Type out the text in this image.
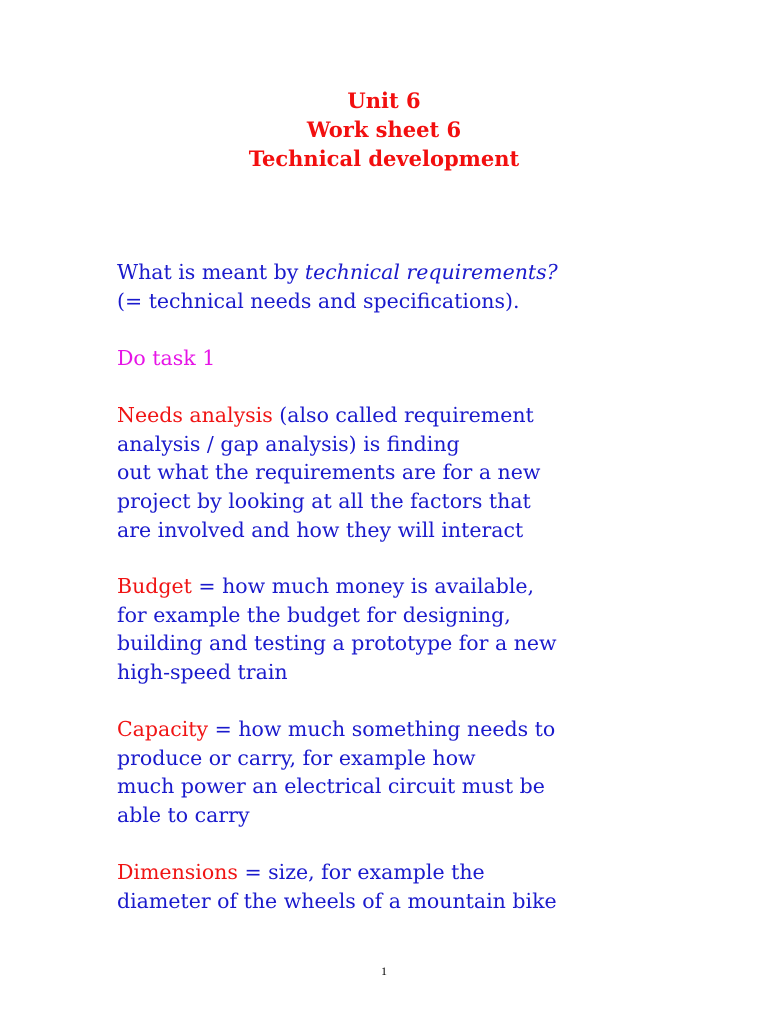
Unit 6
Work sheet 6
Technical development
What is meant by technical requirements?
(= technical needs and specifications).
Do task 1
Needs analysis (also called requirement
analysis / gap analysis) is finding
out what the requirements are for a new
project by looking at all the factors that
are involved and how they will interact
Budget = how much money is available,
for example the budget for designing,
building and testing a prototype for a new
high-speed train
Capacity = how much something needs to
produce or carry, for example how
much power an electrical circuit must be
able to carry
Dimensions = size, for example the
diameter of the wheels of a mountain bike
1
